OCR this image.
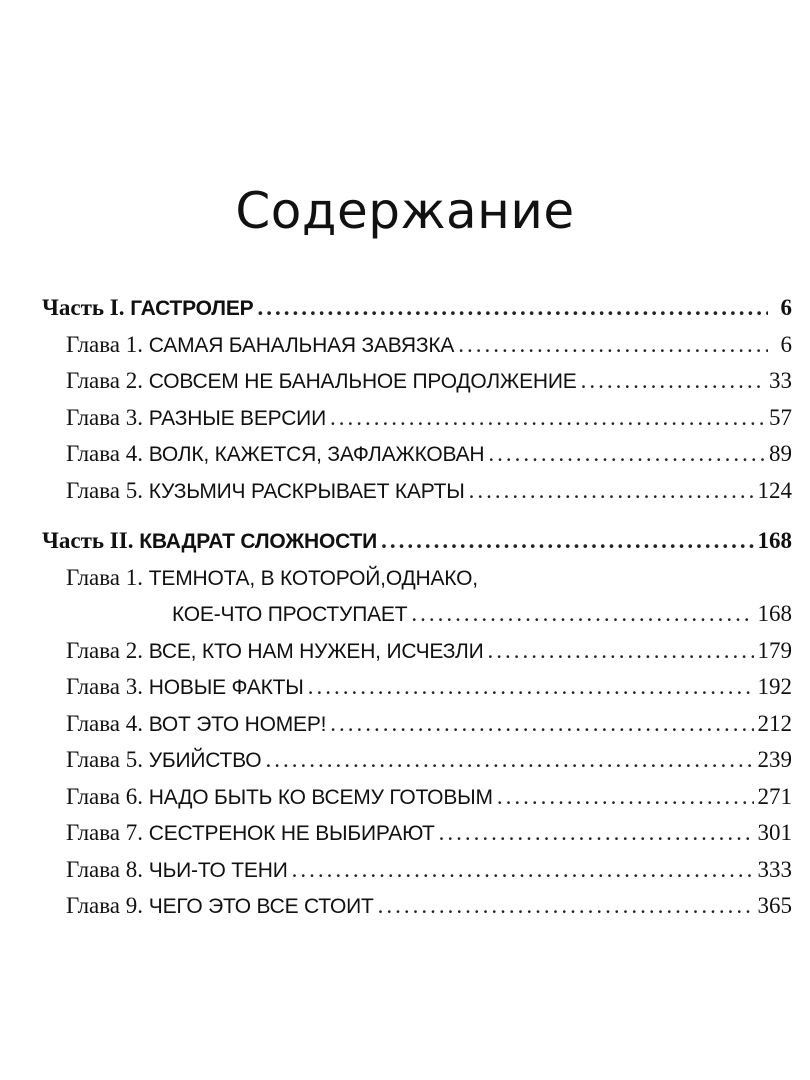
Содержание
Часть I. ГАСТРОЛЕР .....	6
Глава 1. САМАЯ БАНАЛЬНАЯ ЗАВЯЗКА .....	6
Глава 2. СОВСЕМ НЕ БАНАЛЬНОЕ ПРОДОЛЖЕНИЕ .....	33
Глава 3. РАЗНЫЕ ВЕРСИИ .....	57
Глава 4. ВОЛК, КАЖЕТСЯ, ЗАФЛАЖКОВАН .....	89
Глава 5. КУЗЬМИЧ РАСКРЫВАЕТ КАРТЫ .....	124
Часть II. КВАДРАТ СЛОЖНОСТИ .....	168
Глава 1. ТЕМНОТА, В КОТОРОЙ,ОДНАКО,
КОЕ-ЧТО ПРОСТУПАЕТ .....	168
Глава 2. ВСЕ, КТО НАМ НУЖЕН, ИСЧЕЗЛИ .....	179
Глава 3. НОВЫЕ ФАКТЫ .....	192
Глава 4. ВОТ ЭТО НОМЕР! .....	212
Глава 5. УБИЙСТВО .....	239
Глава 6. НАДО БЫТЬ КО ВСЕМУ ГОТОВЫМ .....	271
Глава 7. СЕСТРЕНОК НЕ ВЫБИРАЮТ .....	301
Глава 8. ЧЬИ-ТО ТЕНИ .....	333
Глава 9. ЧЕГО ЭТО ВСЕ СТОИТ .....	365
